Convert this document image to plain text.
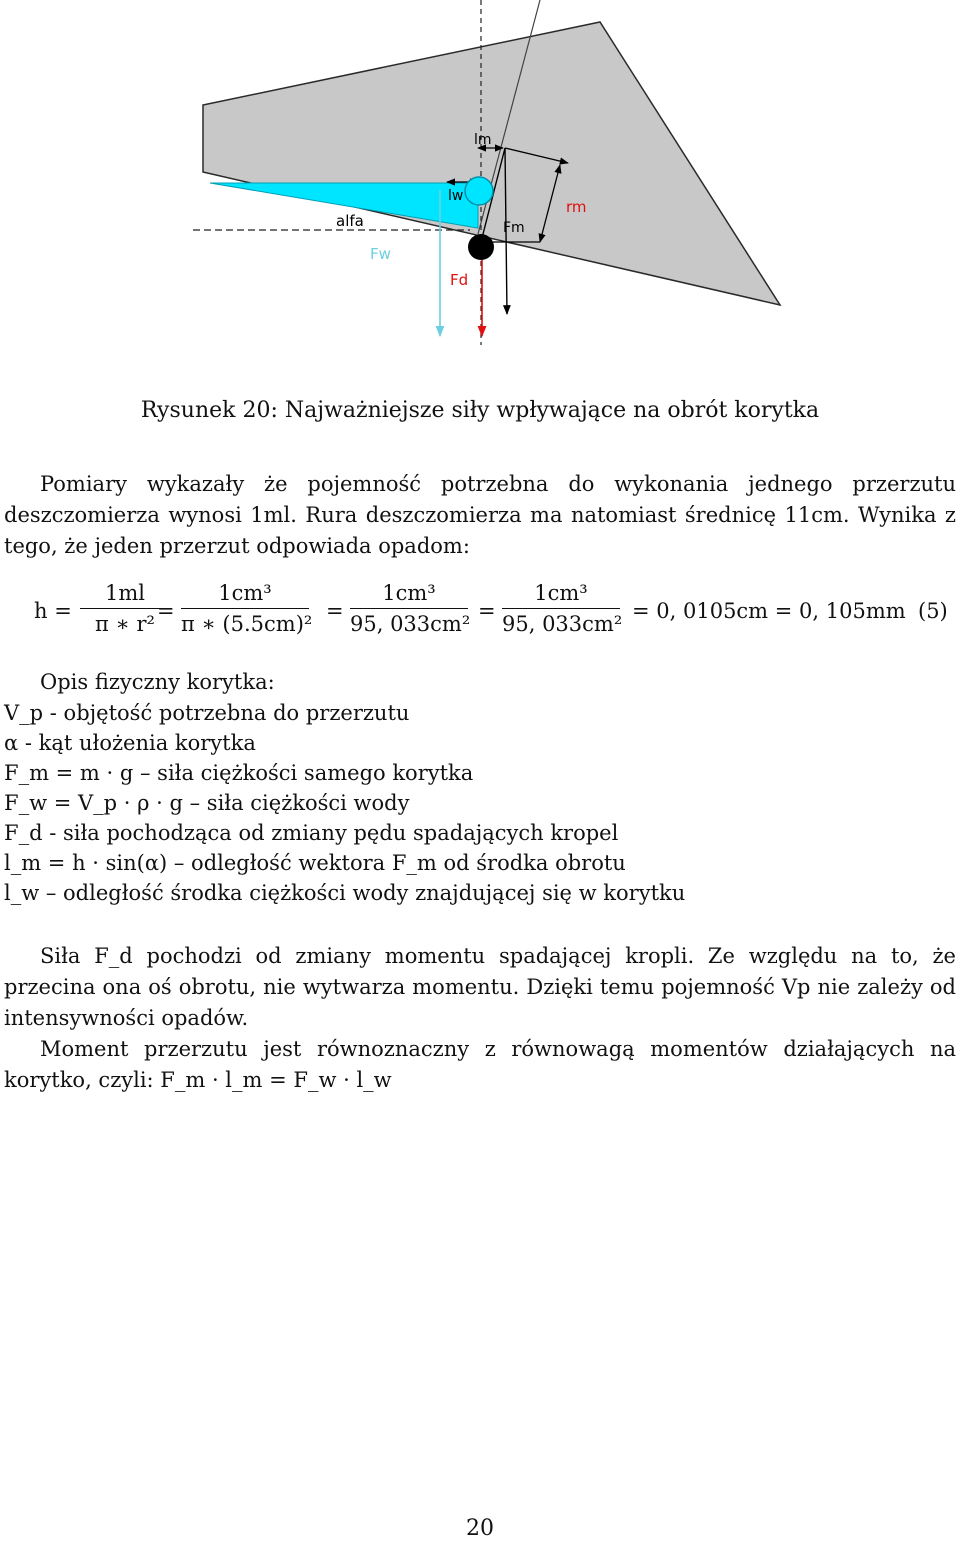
lm
lw
rm
Fm
alfa
Fw
Fd
Rysunek 20: Najważniejsze siły wpływające na obrót korytka
Pomiary wykazały że pojemność potrzebna do wykonania jednego przerzutu deszczomierza wynosi 1ml. Rura deszczomierza ma natomiast średnicę 11cm. Wynika z tego, że jeden przerzut odpowiada opadom:
$h = \frac{1ml}{\text{π ∗ r²}}$
= $\frac{\text{1cm³}}{\text{π ∗ (5.5cm)²}} = \frac{\text{1cm³}}{\text{95, 033cm²}} = \frac{\text{1cm³}}{\text{95, 033cm²}} = 0$, 0105cm = 0, 105mm (5)
Opis fizyczny korytka:
V_p - objętość potrzebna do przerzutu
α - kąt ułożenia korytka
F_m = m · g – siła ciężkości samego korytka
F_w = V_p · ρ · g – siła ciężkości wody
F_d - siła pochodząca od zmiany pędu spadających kropel
l_m = h · sin(α) – odległość wektora F_m od środka obrotu
l_w – odległość środka ciężkości wody znajdującej się w korytku
Siła F_d pochodzi od zmiany momentu spadającej kropli. Ze względu na to, że przecina ona oś obrotu, nie wytwarza momentu. Dzięki temu pojemność Vp nie zależy od intensywności opadów.
Moment przerzutu jest równoznaczny z równowagą momentów działających na korytko, czyli: F_m · l_m = F_w · l_w
20
